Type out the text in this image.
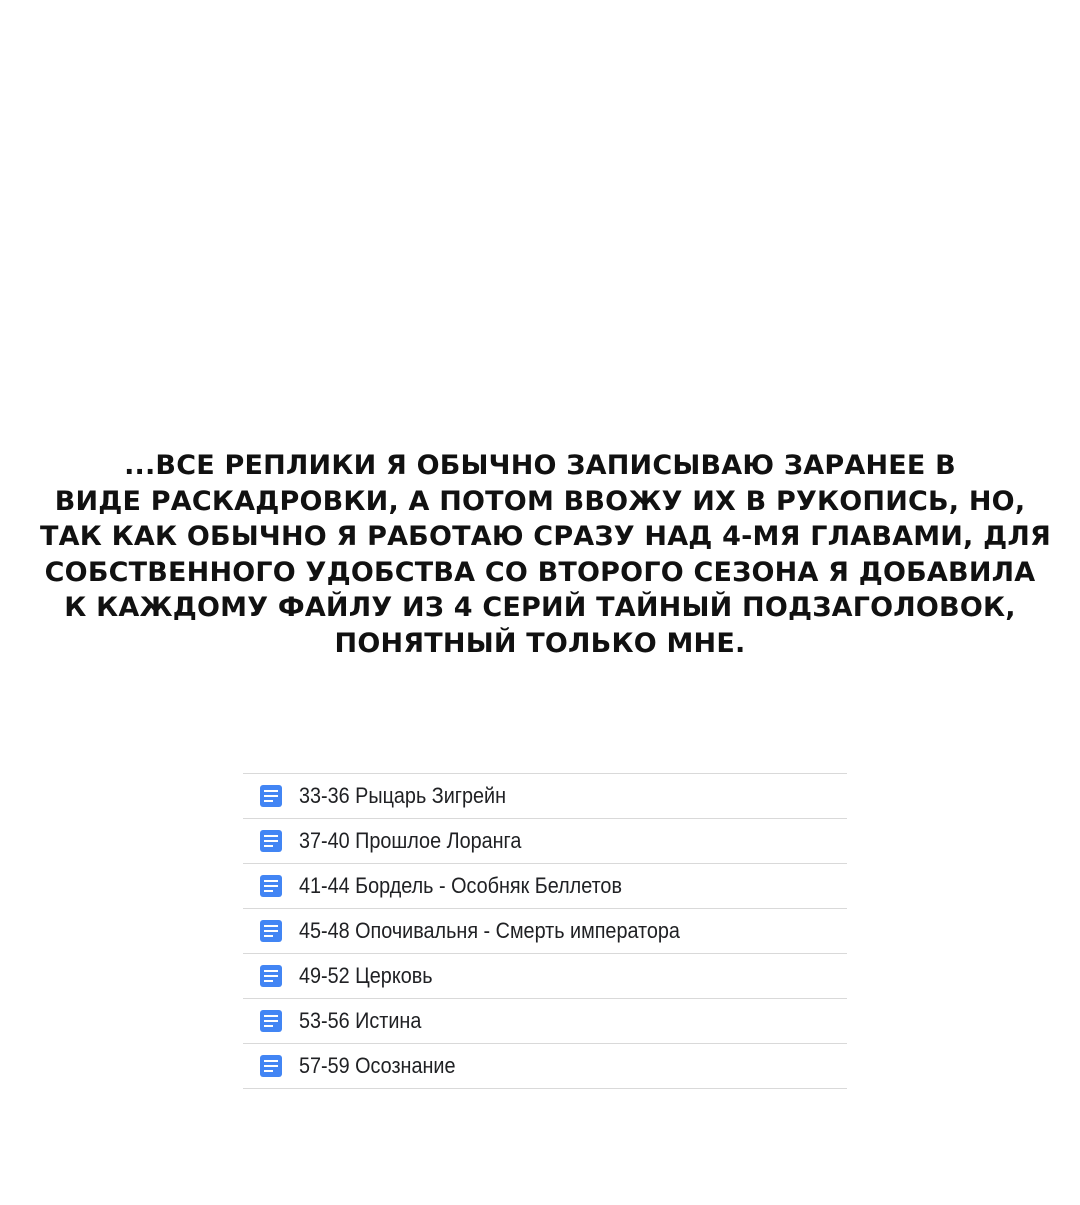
...ВСЕ РЕПЛИКИ Я ОБЫЧНО ЗАПИСЫВАЮ ЗАРАНЕЕ В
ВИДЕ РАСКАДРОВКИ, А ПОТОМ ВВОЖУ ИХ В РУКОПИСЬ, НО,
ТАК КАК ОБЫЧНО Я РАБОТАЮ СРАЗУ НАД 4-МЯ ГЛАВАМИ, ДЛЯ
СОБСТВЕННОГО УДОБСТВА СО ВТОРОГО СЕЗОНА Я ДОБАВИЛА
К КАЖДОМУ ФАЙЛУ ИЗ 4 СЕРИЙ ТАЙНЫЙ ПОДЗАГОЛОВОК,
ПОНЯТНЫЙ ТОЛЬКО МНЕ.
33-36 Рыцарь Зигрейн
37-40 Прошлое Лоранга
41-44 Бордель - Особняк Беллетов
45-48 Опочивальня - Смерть императора
49-52 Церковь
53-56 Истина
57-59 Осознание
